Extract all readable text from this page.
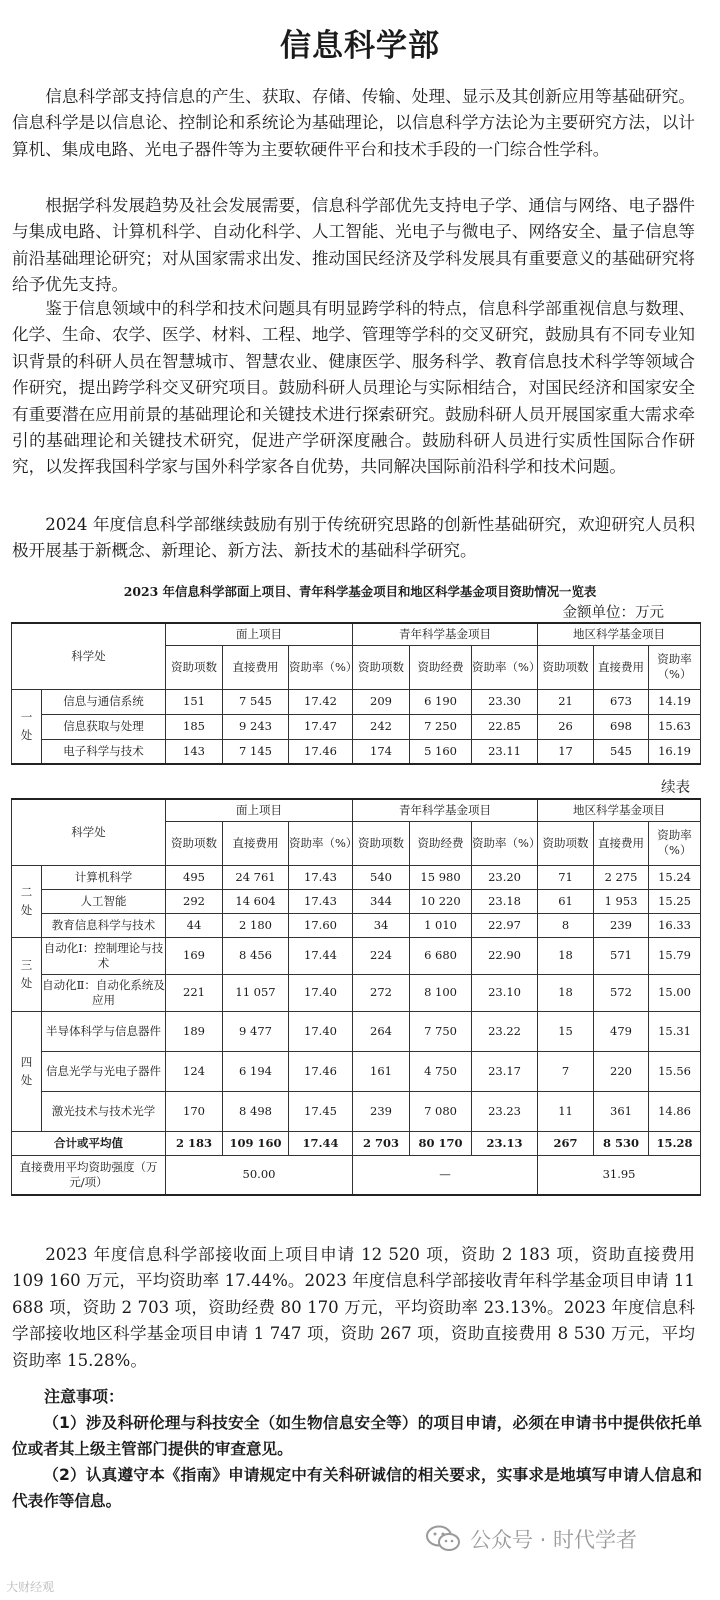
信息科学部

信息科学部支持信息的产生、获取、存储、传输、处理、显示及其创新应用等基础研究。信息科学是以信息论、控制论和系统论为基础理论，以信息科学方法论为主要研究方法，以计算机、集成电路、光电子器件等为主要软硬件平台和技术手段的一门综合性学科。

根据学科发展趋势及社会发展需要，信息科学部优先支持电子学、通信与网络、电子器件与集成电路、计算机科学、自动化科学、人工智能、光电子与微电子、网络安全、量子信息等前沿基础理论研究；对从国家需求出发、推动国民经济及学科发展具有重要意义的基础研究将给予优先支持。

鉴于信息领域中的科学和技术问题具有明显跨学科的特点，信息科学部重视信息与数理、化学、生命、农学、医学、材料、工程、地学、管理等学科的交叉研究，鼓励具有不同专业知识背景的科研人员在智慧城市、智慧农业、健康医学、服务科学、教育信息技术科学等领域合作研究，提出跨学科交叉研究项目。鼓励科研人员理论与实际相结合，对国民经济和国家安全有重要潜在应用前景的基础理论和关键技术进行探索研究。鼓励科研人员开展国家重大需求牵引的基础理论和关键技术研究，促进产学研深度融合。鼓励科研人员进行实质性国际合作研究，以发挥我国科学家与国外科学家各自优势，共同解决国际前沿科学和技术问题。

2024 年度信息科学部继续鼓励有别于传统研究思路的创新性基础研究，欢迎研究人员积极开展基于新概念、新理论、新方法、新技术的基础科学研究。

2023 年信息科学部面上项目、青年科学基金项目和地区科学基金项目资助情况一览表
金额单位：万元
科学处		面上项目			青年科学基金项目			地区科学基金项目		
		资助项数	直接费用	资助率（%）	资助项数	资助经费	资助率（%）	资助项数	直接费用	资助率（%）

一处	信息与通信系统	151	7 545	17.42	209	6 190	23.30	21	673	14.19
	信息获取与处理	185	9 243	17.47	242	7 250	22.85	26	698	15.63
	电子科学与技术	143	7 145	17.46	174	5 160	23.11	17	545	16.19
续表
科学处		面上项目			青年科学基金项目			地区科学基金项目		
		资助项数	直接费用	资助率（%）	资助项数	资助经费	资助率（%）	资助项数	直接费用	资助率（%）

二处	计算机科学	495	24 761	17.43	540	15 980	23.20	71	2 275	15.24
	人工智能	292	14 604	17.43	344	10 220	23.18	61	1 953	15.25
	教育信息科学与技术	44	2 180	17.60	34	1 010	22.97	8	239	16.33

三处	自动化Ⅰ：控制理论与技术	169	8 456	17.44	224	6 680	22.90	18	571	15.79
	自动化Ⅱ：自动化系统及应用	221	11 057	17.40	272	8 100	23.10	18	572	15.00

四处	半导体科学与信息器件	189	9 477	17.40	264	7 750	23.22	15	479	15.31
	信息光学与光电子器件	124	6 194	17.46	161	4 750	23.17	7	220	15.56
	激光技术与技术光学	170	8 498	17.45	239	7 080	23.23	11	361	14.86
合计或平均值		2 183	109 160	17.44	2 703	80 170	23.13	267	8 530	15.28
直接费用平均资助强度（万元/项）		50.00			—			31.95		

2023 年度信息科学部接收面上项目申请 12 520 项，资助 2 183 项，资助直接费用 109 160 万元，平均资助率 17.44%。2023 年度信息科学部接收青年科学基金项目申请 11 688 项，资助 2 703 项，资助经费 80 170 万元，平均资助率 23.13%。2023 年度信息科学部接收地区科学基金项目申请 1 747 项，资助 267 项，资助直接费用 8 530 万元，平均资助率 15.28%。

注意事项：

（1）涉及科研伦理与科技安全（如生物信息安全等）的项目申请，必须在申请书中提供依托单位或者其上级主管部门提供的审查意见。

（2）认真遵守本《指南》申请规定中有关科研诚信的相关要求，实事求是地填写申请人信息和代表作等信息。

公众号 · 时代学者
大财经观
